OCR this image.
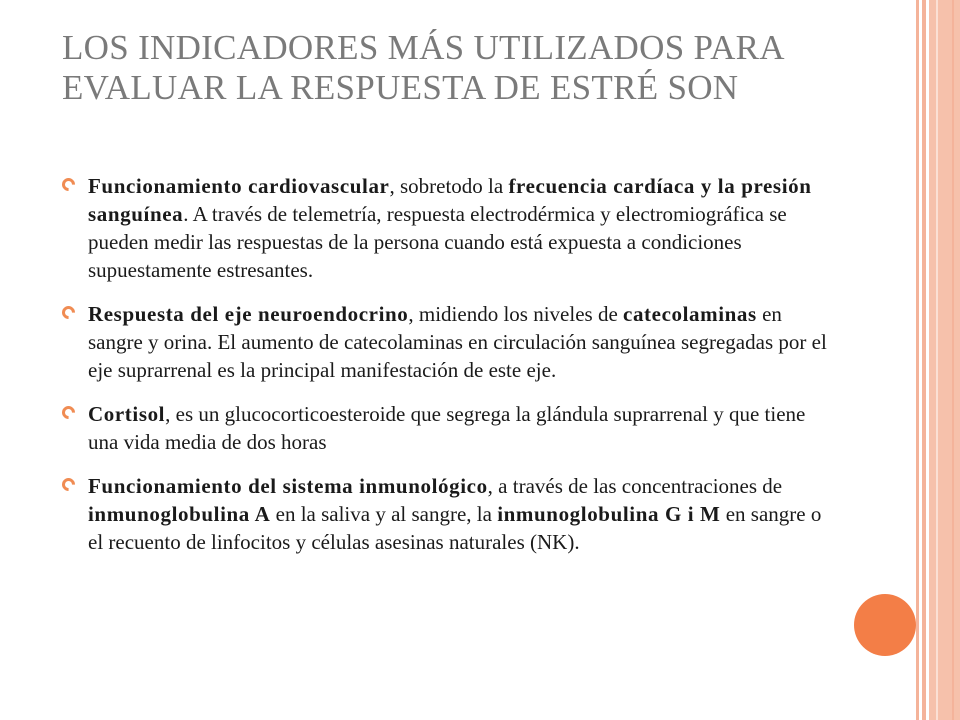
LOS INDICADORES MÁS UTILIZADOS PARA EVALUAR LA RESPUESTA DE ESTRÉ SON
Funcionamiento cardiovascular, sobretodo la frecuencia cardíaca y la presión sanguínea. A través de telemetría, respuesta electrodérmica y electromiográfica se pueden medir las respuestas de la persona cuando está expuesta a condiciones supuestamente estresantes.
Respuesta del eje neuroendocrino, midiendo los niveles de catecolaminas en sangre y orina. El aumento de catecolaminas en circulación sanguínea segregadas por el eje suprarrenal es la principal manifestación de este eje.
Cortisol, es un glucocorticoesteroide que segrega la glándula suprarrenal y que tiene una vida media de dos horas
Funcionamiento del sistema inmunológico, a través de las concentraciones de inmunoglobulina A en la saliva y al sangre, la inmunoglobulina G i M en sangre o el recuento de linfocitos y células asesinas naturales (NK).
